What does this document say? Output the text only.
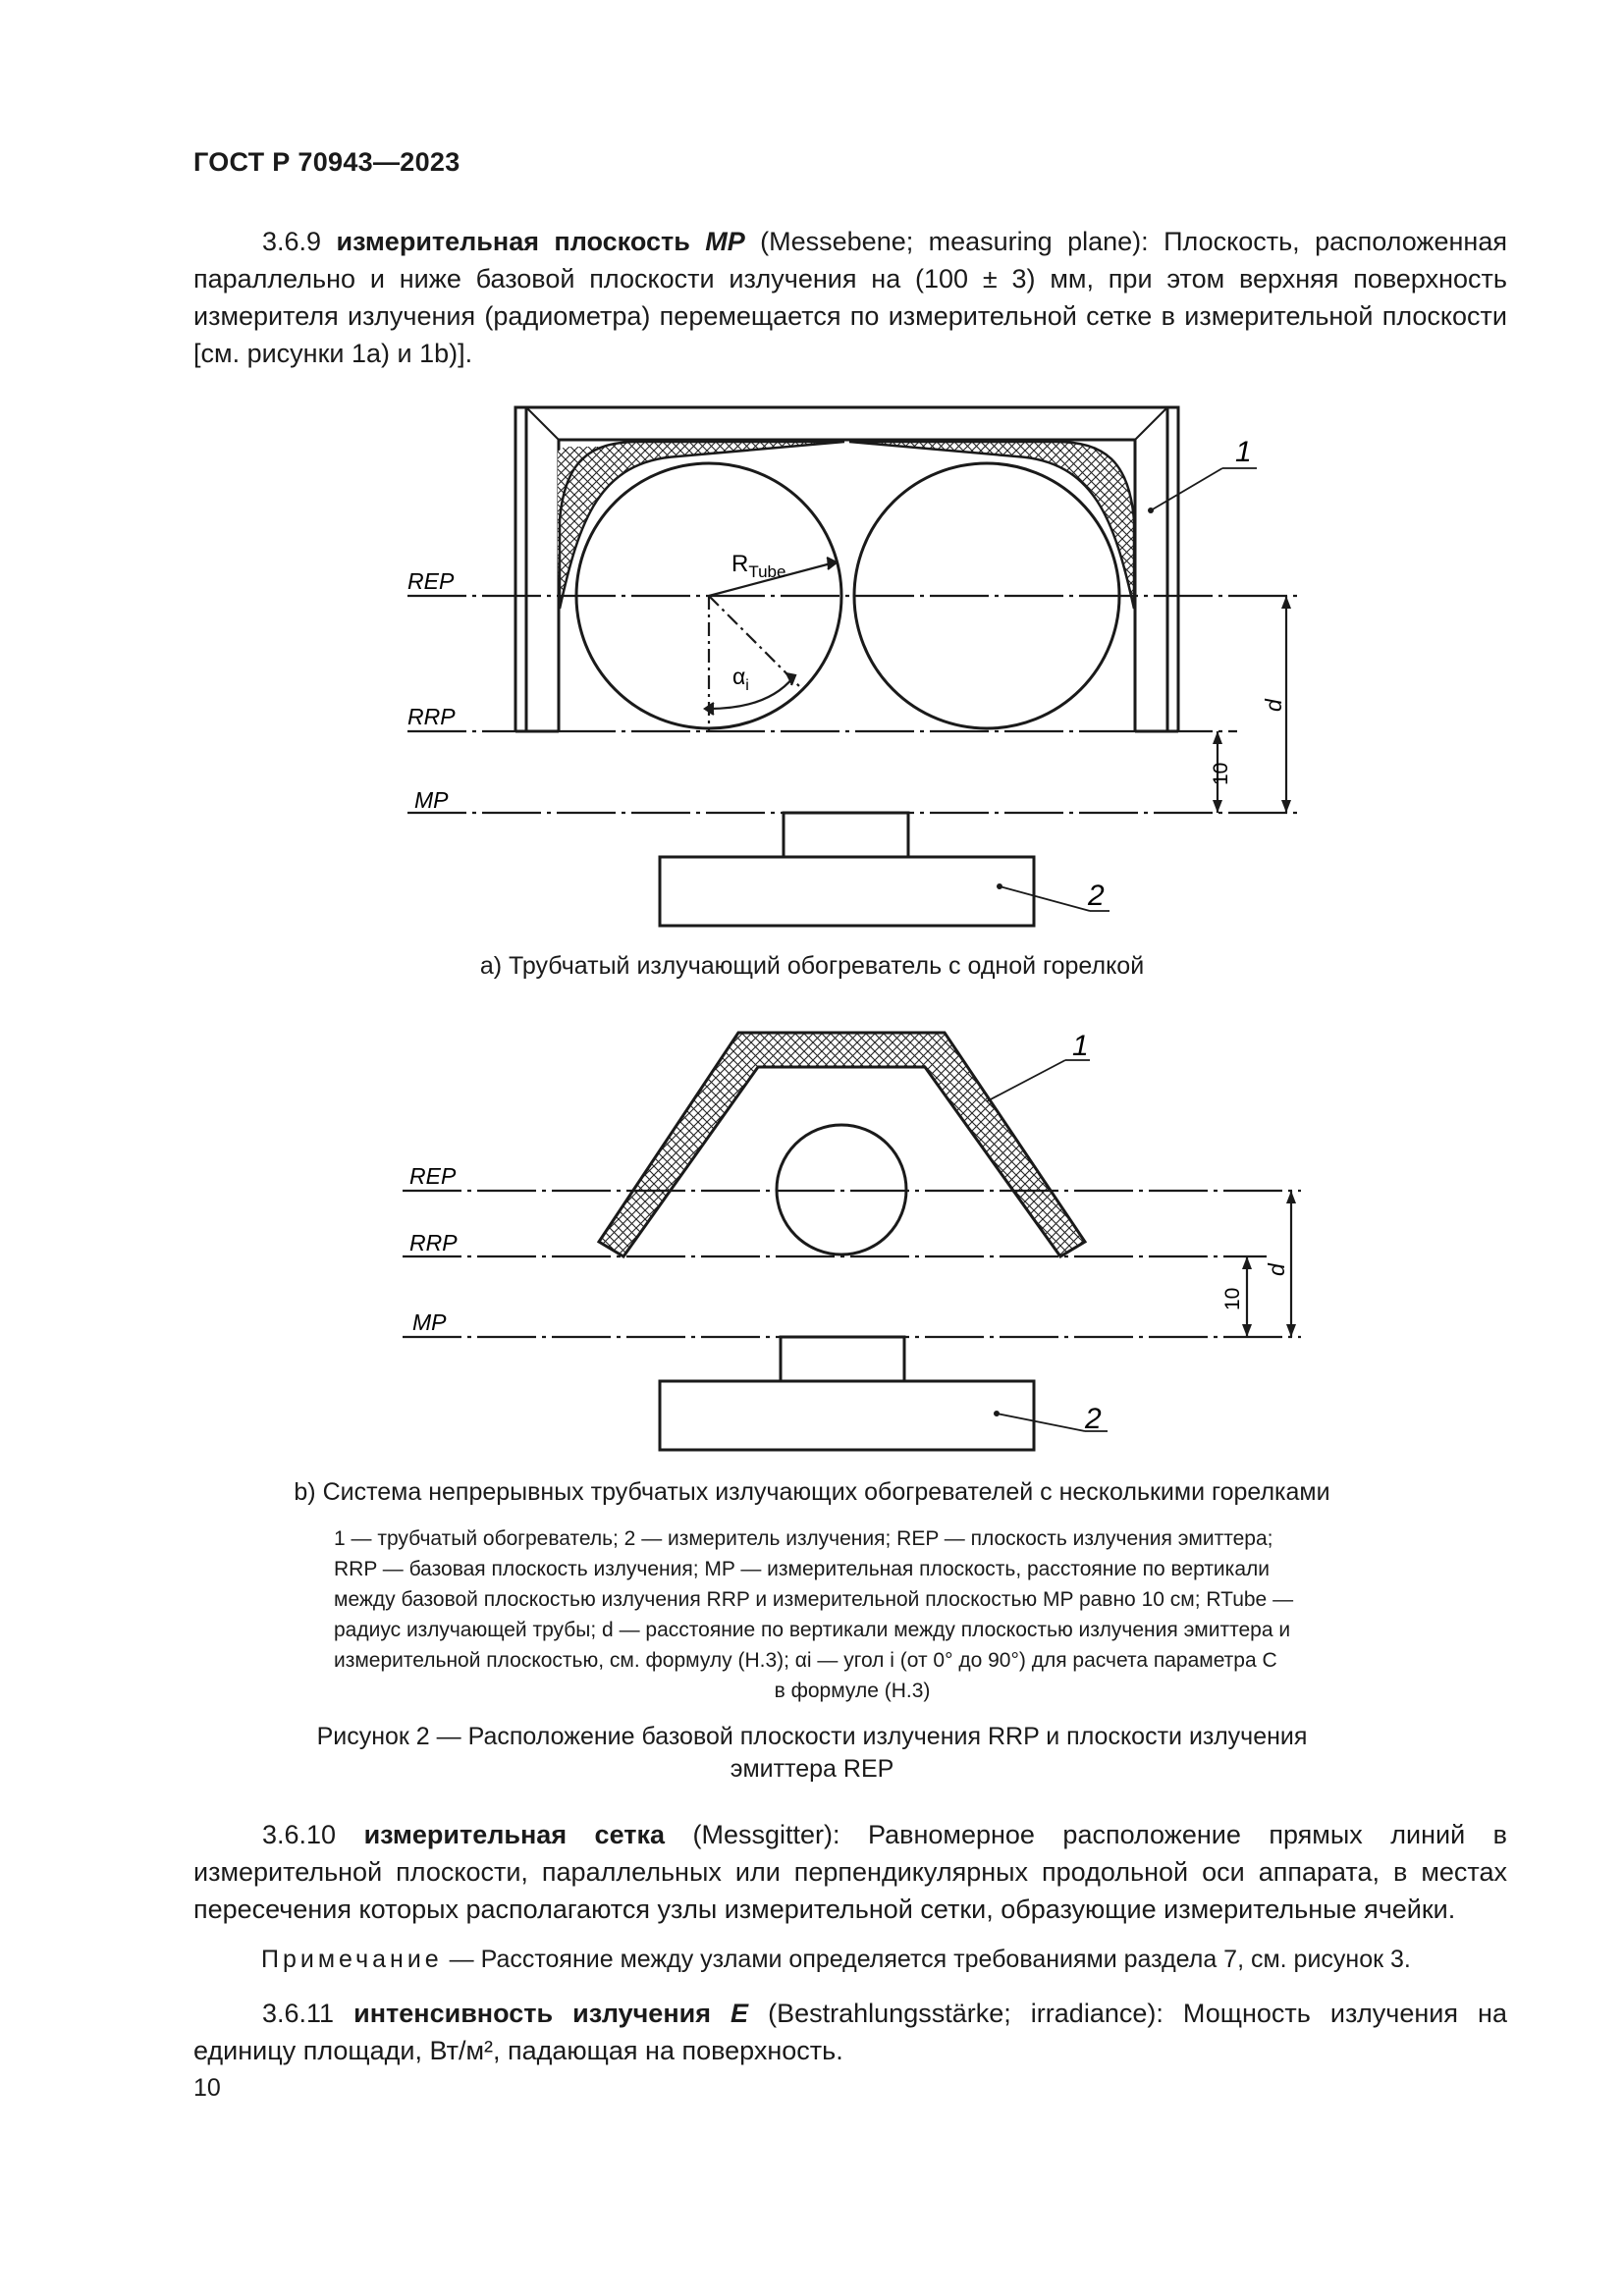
ГОСТ Р 70943—2023
3.6.9 измерительная плоскость MP (Messebene; measuring plane): Плоскость, расположенная параллельно и ниже базовой плоскости излучения на (100 ± 3) мм, при этом верхняя поверхность измерителя излучения (радиометра) перемещается по измерительной сетке в измерительной плоскости [см. рисунки 1a) и 1b)].
$R_{Tube}$
$\alpha_i$
REP
RRP
MP
d
10
1
2
а) Трубчатый излучающий обогреватель с одной горелкой
REP
RRP
MP
d
10
1
2
b) Система непрерывных трубчатых излучающих обогревателей с несколькими горелками
1 — трубчатый обогреватель; 2 — измеритель излучения; REP — плоскость излучения эмиттера;
RRP — базовая плоскость излучения; MP — измерительная плоскость, расстояние по вертикали
между базовой плоскостью излучения RRP и измерительной плоскостью MP равно 10 см; RTube —
радиус излучающей трубы; d — расстояние по вертикали между плоскостью излучения эмиттера и
измерительной плоскостью, см. формулу (Н.3); αi — угол i (от 0° до 90°) для расчета параметра C
в формуле (Н.3)
Рисунок 2 — Расположение базовой плоскости излучения RRP и плоскости излучения
эмиттера REP
3.6.10 измерительная сетка (Messgitter): Равномерное расположение прямых линий в измерительной плоскости, параллельных или перпендикулярных продольной оси аппарата, в местах пересечения которых располагаются узлы измерительной сетки, образующие измерительные ячейки.
Примечание — Расстояние между узлами определяется требованиями раздела 7, см. рисунок 3.
3.6.11 интенсивность излучения E (Bestrahlungsstärke; irradiance): Мощность излучения на единицу площади, Вт/м², падающая на поверхность.
10
